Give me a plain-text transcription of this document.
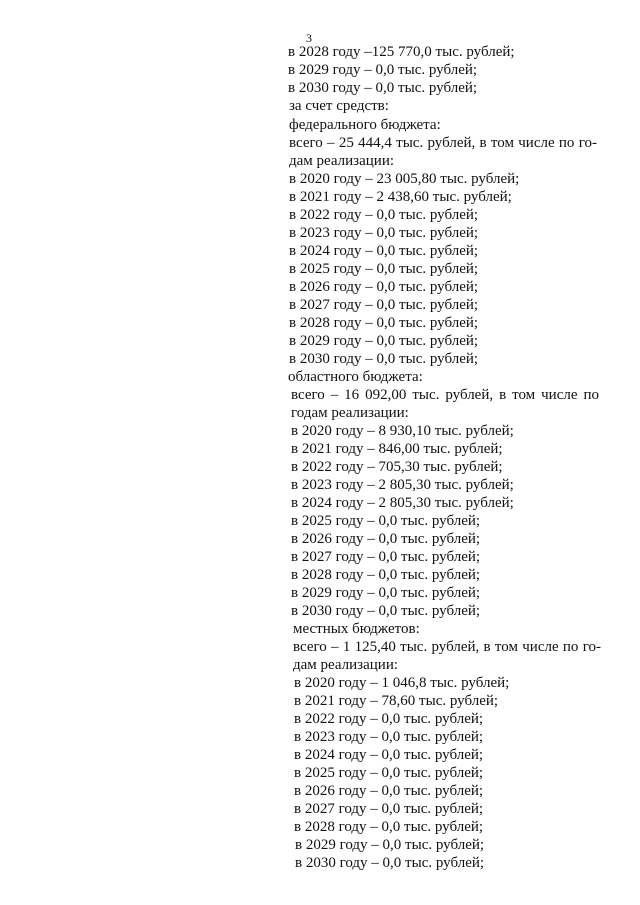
3
в 2028 году –125 770,0 тыс. рублей;
в 2029 году – 0,0 тыс. рублей;
в 2030 году – 0,0 тыс. рублей;
за счет средств:
федерального бюджета:
всего – 25 444,4 тыс. рублей, в том числе по го-
дам реализации:
в 2020 году – 23 005,80 тыс. рублей;
в 2021 году – 2 438,60 тыс. рублей;
в 2022 году – 0,0 тыс. рублей;
в 2023 году – 0,0 тыс. рублей;
в 2024 году – 0,0 тыс. рублей;
в 2025 году – 0,0 тыс. рублей;
в 2026 году – 0,0 тыс. рублей;
в 2027 году – 0,0 тыс. рублей;
в 2028 году – 0,0 тыс. рублей;
в 2029 году – 0,0 тыс. рублей;
в 2030 году – 0,0 тыс. рублей;
областного бюджета:
всего – 16 092,00 тыс. рублей, в том числе по
годам реализации:
в 2020 году – 8 930,10 тыс. рублей;
в 2021 году – 846,00 тыс. рублей;
в 2022 году – 705,30 тыс. рублей;
в 2023 году – 2 805,30 тыс. рублей;
в 2024 году – 2 805,30 тыс. рублей;
в 2025 году – 0,0 тыс. рублей;
в 2026 году – 0,0 тыс. рублей;
в 2027 году – 0,0 тыс. рублей;
в 2028 году – 0,0 тыс. рублей;
в 2029 году – 0,0 тыс. рублей;
в 2030 году – 0,0 тыс. рублей;
местных бюджетов:
всего – 1 125,40 тыс. рублей, в том числе по го-
дам реализации:
в 2020 году – 1 046,8 тыс. рублей;
в 2021 году – 78,60 тыс. рублей;
в 2022 году – 0,0 тыс. рублей;
в 2023 году – 0,0 тыс. рублей;
в 2024 году – 0,0 тыс. рублей;
в 2025 году – 0,0 тыс. рублей;
в 2026 году – 0,0 тыс. рублей;
в 2027 году – 0,0 тыс. рублей;
в 2028 году – 0,0 тыс. рублей;
в 2029 году – 0,0 тыс. рублей;
в 2030 году – 0,0 тыс. рублей;
